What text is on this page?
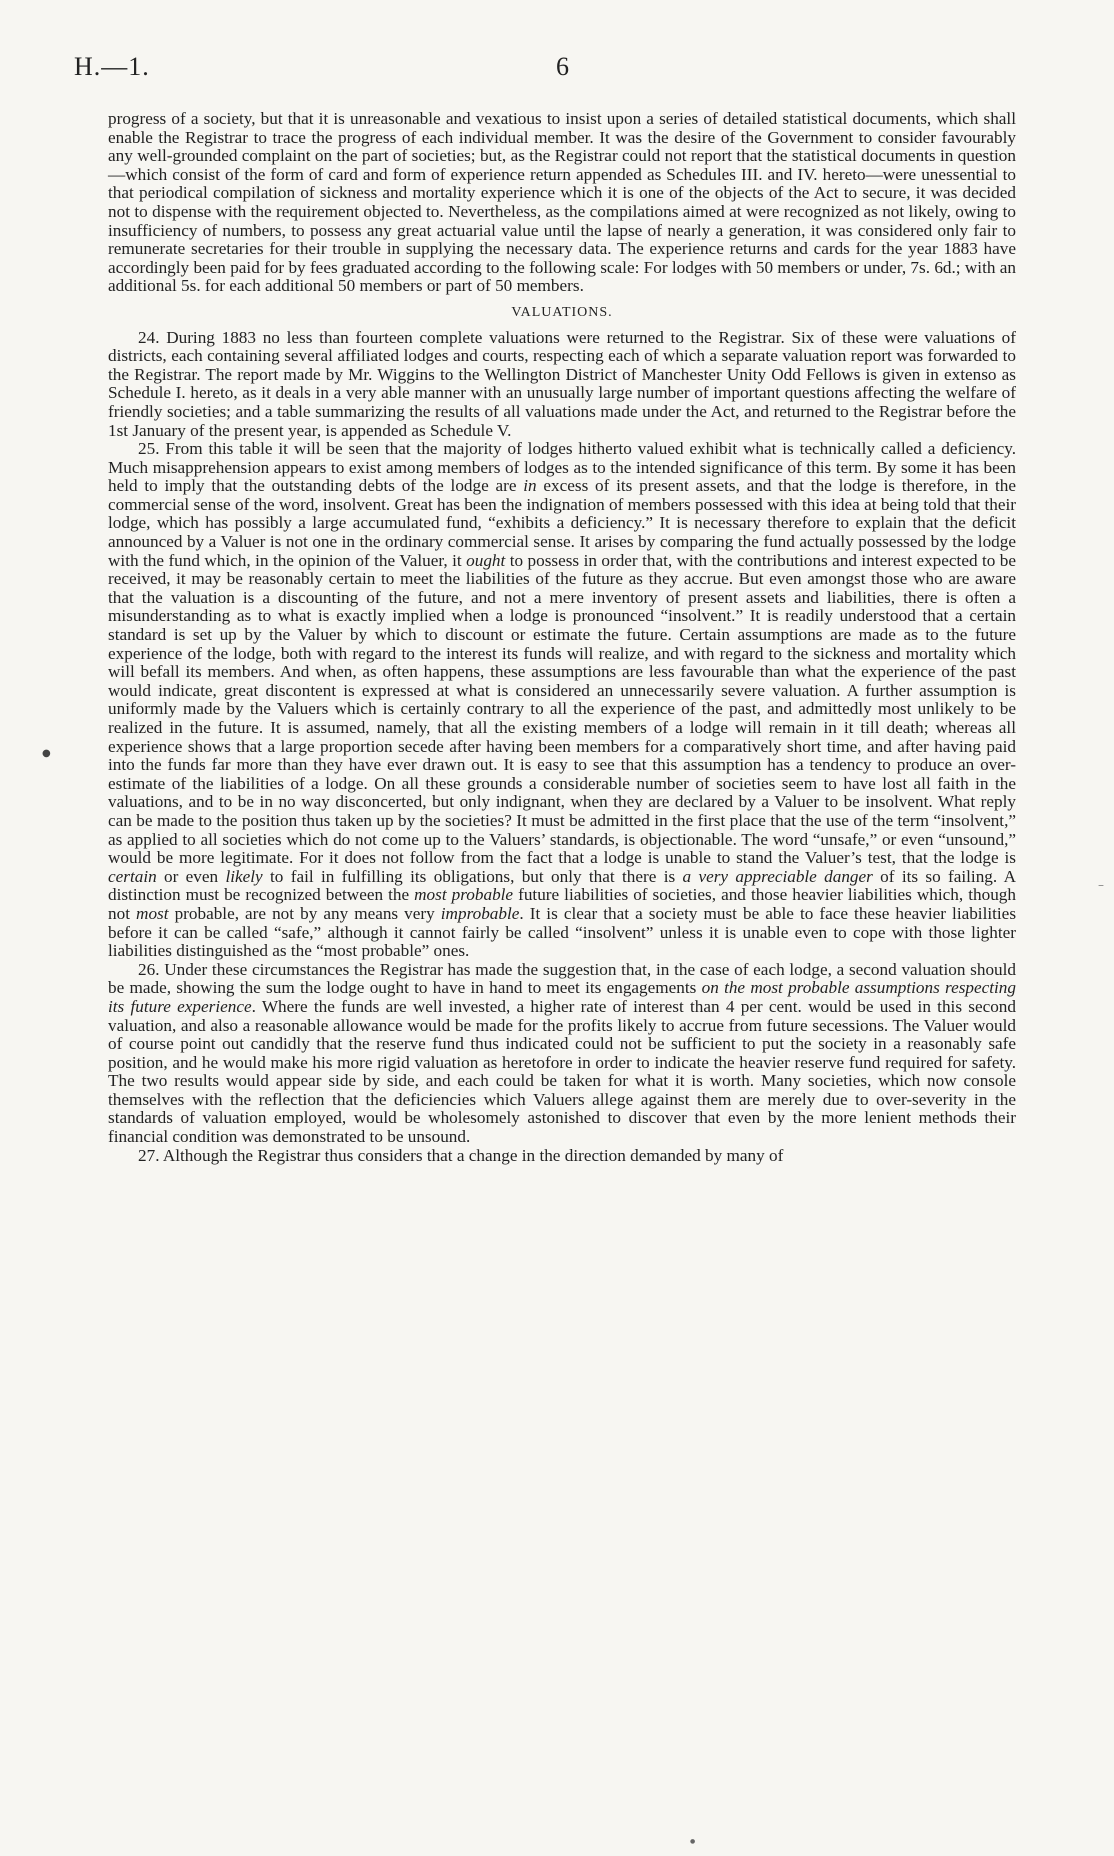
H.—1.	6

progress of a society, but that it is unreasonable and vexatious to insist upon a series of detailed statistical documents, which shall enable the Registrar to trace the progress of each individual member. It was the desire of the Government to consider favourably any well-grounded complaint on the part of societies; but, as the Registrar could not report that the statistical documents in question—which consist of the form of card and form of experience return appended as Schedules III. and IV. hereto—were unessential to that periodical compilation of sickness and mortality experience which it is one of the objects of the Act to secure, it was decided not to dispense with the requirement objected to. Nevertheless, as the compilations aimed at were recognized as not likely, owing to insufficiency of numbers, to possess any great actuarial value until the lapse of nearly a generation, it was considered only fair to remunerate secretaries for their trouble in supplying the necessary data. The experience returns and cards for the year 1883 have accordingly been paid for by fees graduated according to the following scale: For lodges with 50 members or under, 7s. 6d.; with an additional 5s. for each additional 50 members or part of 50 members.

VALUATIONS.

24. During 1883 no less than fourteen complete valuations were returned to the Registrar. Six of these were valuations of districts, each containing several affiliated lodges and courts, respecting each of which a separate valuation report was forwarded to the Registrar. The report made by Mr. Wiggins to the Wellington District of Manchester Unity Odd Fellows is given in extenso as Schedule I. hereto, as it deals in a very able manner with an unusually large number of important questions affecting the welfare of friendly societies; and a table summarizing the results of all valuations made under the Act, and returned to the Registrar before the 1st January of the present year, is appended as Schedule V.

25. From this table it will be seen that the majority of lodges hitherto valued exhibit what is technically called a deficiency. Much misapprehension appears to exist among members of lodges as to the intended significance of this term. By some it has been held to imply that the outstanding debts of the lodge are in excess of its present assets, and that the lodge is therefore, in the commercial sense of the word, insolvent. Great has been the indignation of members possessed with this idea at being told that their lodge, which has possibly a large accumulated fund, “exhibits a deficiency.” It is necessary therefore to explain that the deficit announced by a Valuer is not one in the ordinary commercial sense. It arises by comparing the fund actually possessed by the lodge with the fund which, in the opinion of the Valuer, it ought to possess in order that, with the contributions and interest expected to be received, it may be reasonably certain to meet the liabilities of the future as they accrue. But even amongst those who are aware that the valuation is a discounting of the future, and not a mere inventory of present assets and liabilities, there is often a misunderstanding as to what is exactly implied when a lodge is pronounced “insolvent.” It is readily understood that a certain standard is set up by the Valuer by which to discount or estimate the future. Certain assumptions are made as to the future experience of the lodge, both with regard to the interest its funds will realize, and with regard to the sickness and mortality which will befall its members. And when, as often happens, these assumptions are less favourable than what the experience of the past would indicate, great discontent is expressed at what is considered an unnecessarily severe valuation. A further assumption is uniformly made by the Valuers which is certainly contrary to all the experience of the past, and admittedly most unlikely to be realized in the future. It is assumed, namely, that all the existing members of a lodge will remain in it till death; whereas all experience shows that a large proportion secede after having been members for a comparatively short time, and after having paid into the funds far more than they have ever drawn out. It is easy to see that this assumption has a tendency to produce an over-estimate of the liabilities of a lodge. On all these grounds a considerable number of societies seem to have lost all faith in the valuations, and to be in no way disconcerted, but only indignant, when they are declared by a Valuer to be insolvent. What reply can be made to the position thus taken up by the societies? It must be admitted in the first place that the use of the term “insolvent,” as applied to all societies which do not come up to the Valuers’ standards, is objectionable. The word “unsafe,” or even “unsound,” would be more legitimate. For it does not follow from the fact that a lodge is unable to stand the Valuer’s test, that the lodge is certain or even likely to fail in fulfilling its obligations, but only that there is a very appreciable danger of its so failing. A distinction must be recognized between the most probable future liabilities of societies, and those heavier liabilities which, though not most probable, are not by any means very improbable. It is clear that a society must be able to face these heavier liabilities before it can be called “safe,” although it cannot fairly be called “insolvent” unless it is unable even to cope with those lighter liabilities distinguished as the “most probable” ones.

26. Under these circumstances the Registrar has made the suggestion that, in the case of each lodge, a second valuation should be made, showing the sum the lodge ought to have in hand to meet its engagements on the most probable assumptions respecting its future experience. Where the funds are well invested, a higher rate of interest than 4 per cent. would be used in this second valuation, and also a reasonable allowance would be made for the profits likely to accrue from future secessions. The Valuer would of course point out candidly that the reserve fund thus indicated could not be sufficient to put the society in a reasonably safe position, and he would make his more rigid valuation as heretofore in order to indicate the heavier reserve fund required for safety. The two results would appear side by side, and each could be taken for what it is worth. Many societies, which now console themselves with the reflection that the deficiencies which Valuers allege against them are merely due to over-severity in the standards of valuation employed, would be wholesomely astonished to discover that even by the more lenient methods their financial condition was demonstrated to be unsound.

27. Although the Registrar thus considers that a change in the direction demanded by many of

●
–
●
